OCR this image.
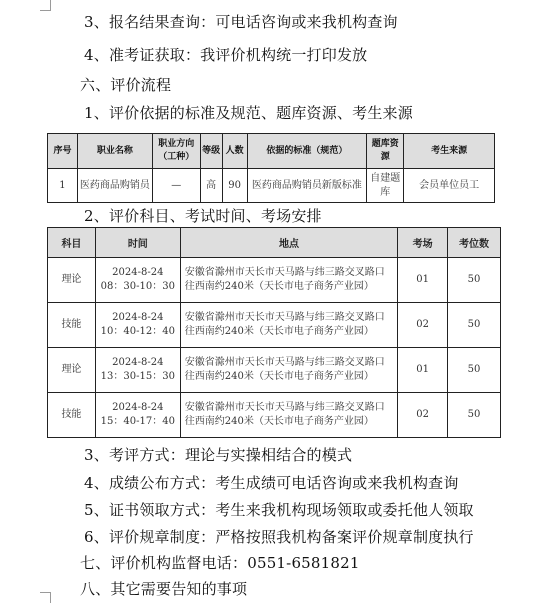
3、报名结果查询：可电话咨询或来我机构查询
4、准考证获取：我评价机构统一打印发放
六、评价流程
1、评价依据的标准及规范、题库资源、考生来源
序号	职业名称	职业方向（工种）	等级	人数	依据的标准（规范）	题库资源	考生来源
1	医药商品购销员	—	高	90	医药商品购销员新版标准	自建题库	会员单位员工
2、评价科目、考试时间、考场安排
科目	时间	地点	考场	考位数
理论	2024-8-24
08：30-10：30	安徽省滁州市天长市天马路与纬三路交叉路口往西南约240米（天长市电子商务产业园）	01	50
技能	2024-8-24
10：40-12：40	安徽省滁州市天长市天马路与纬三路交叉路口往西南约240米（天长市电子商务产业园）	02	50
理论	2024-8-24
13：30-15：30	安徽省滁州市天长市天马路与纬三路交叉路口往西南约240米（天长市电子商务产业园）	01	50
技能	2024-8-24
15：40-17：40	安徽省滁州市天长市天马路与纬三路交叉路口往西南约240米（天长市电子商务产业园）	02	50
3、考评方式：理论与实操相结合的模式
4、成绩公布方式：考生成绩可电话咨询或来我机构查询
5、证书领取方式：考生来我机构现场领取或委托他人领取
6、评价规章制度：严格按照我机构备案评价规章制度执行
七、评价机构监督电话：0551-6581821
八、其它需要告知的事项
